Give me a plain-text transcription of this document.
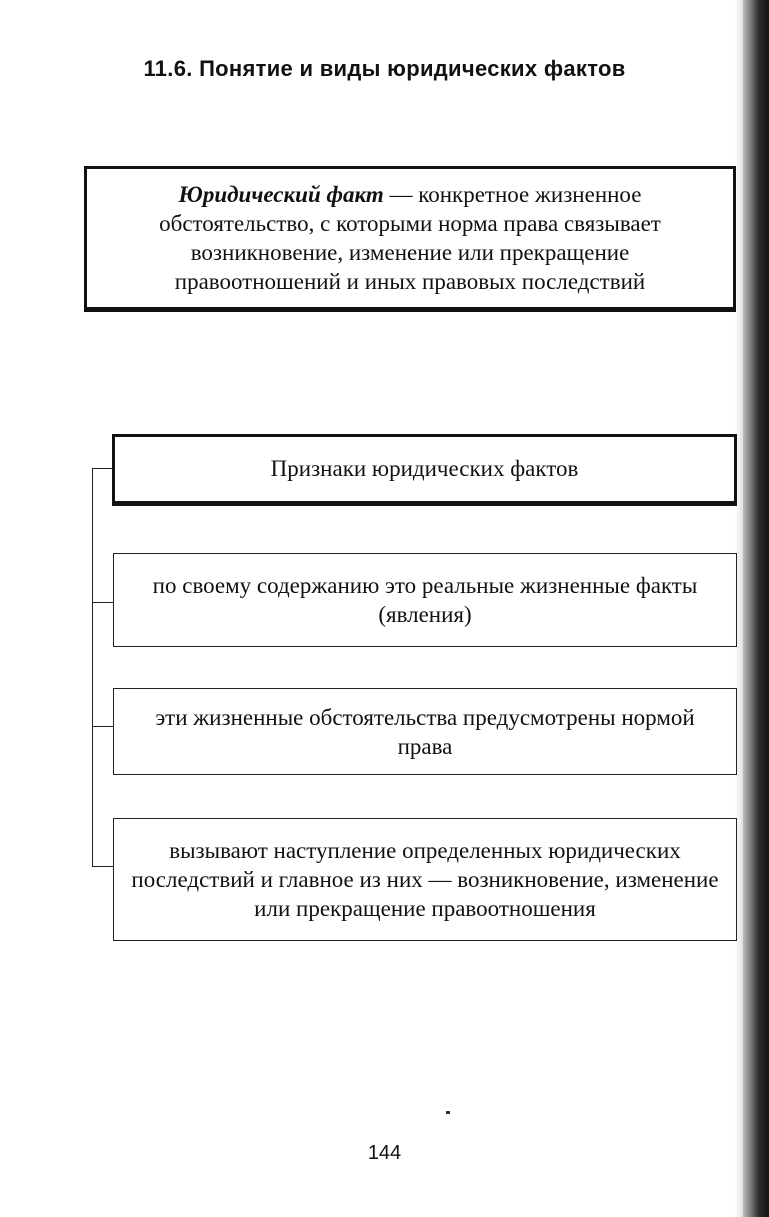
11.6. Понятие и виды юридических фактов
Юридический факт — конкретное жизненное обстоятельство, с которыми норма права связывает возникновение, изменение или прекращение правоотношений и иных правовых последствий
Признаки юридических фактов
по своему содержанию это реальные жизненные факты (явления)
эти жизненные обстоятельства предусмотрены нормой права
вызывают наступление определенных юридических последствий и главное из них — возникновение, изменение или прекращение правоотношения
144
